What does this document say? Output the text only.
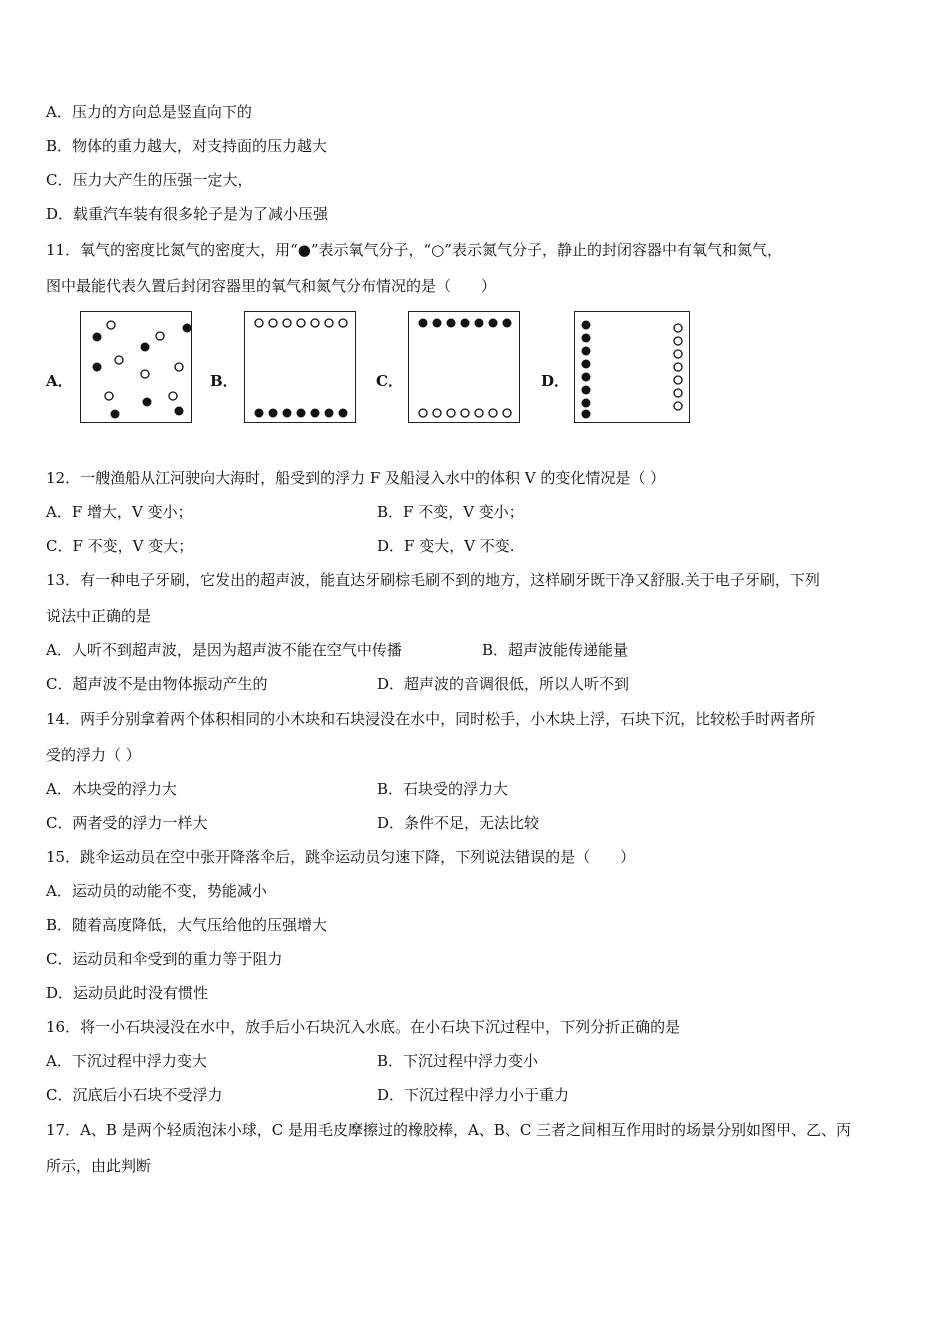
A．压力的方向总是竖直向下的
B．物体的重力越大，对支持面的压力越大
C．压力大产生的压强一定大，
D．载重汽车装有很多轮子是为了减小压强
11．氧气的密度比氮气的密度大，用“●”表示氧气分子，“○”表示氮气分子，静止的封闭容器中有氧气和氮气，
图中最能代表久置后封闭容器里的氧气和氮气分布情况的是（　　）
A．	B．	C．	D．
12．一艘渔船从江河驶向大海时，船受到的浮力 F 及船浸入水中的体积 V 的变化情况是（ ）
A．F 增大，V 变小；	B．F 不变，V 变小；
C．F 不变，V 变大；	D．F 变大，V 不变.
13．有一种电子牙刷，它发出的超声波，能直达牙刷棕毛刷不到的地方，这样刷牙既干净又舒服.关于电子牙刷，下列
说法中正确的是
A．人听不到超声波，是因为超声波不能在空气中传播	B．超声波能传递能量
C．超声波不是由物体振动产生的	D．超声波的音调很低，所以人听不到
14．两手分别拿着两个体积相同的小木块和石块浸没在水中，同时松手，小木块上浮，石块下沉，比较松手时两者所
受的浮力（ ）
A．木块受的浮力大	B．石块受的浮力大
C．两者受的浮力一样大	D．条件不足，无法比较
15．跳伞运动员在空中张开降落伞后，跳伞运动员匀速下降，下列说法错误的是（　　）
A．运动员的动能不变，势能减小
B．随着高度降低，大气压给他的压强增大
C．运动员和伞受到的重力等于阻力
D．运动员此时没有惯性
16．将一小石块浸没在水中，放手后小石块沉入水底。在小石块下沉过程中，下列分折正确的是
A．下沉过程中浮力变大	B．下沉过程中浮力变小
C．沉底后小石块不受浮力	D．下沉过程中浮力小于重力
17．A、B 是两个轻质泡沫小球，C 是用毛皮摩擦过的橡胶棒，A、B、C 三者之间相互作用时的场景分别如图甲、乙、丙
所示，由此判断
